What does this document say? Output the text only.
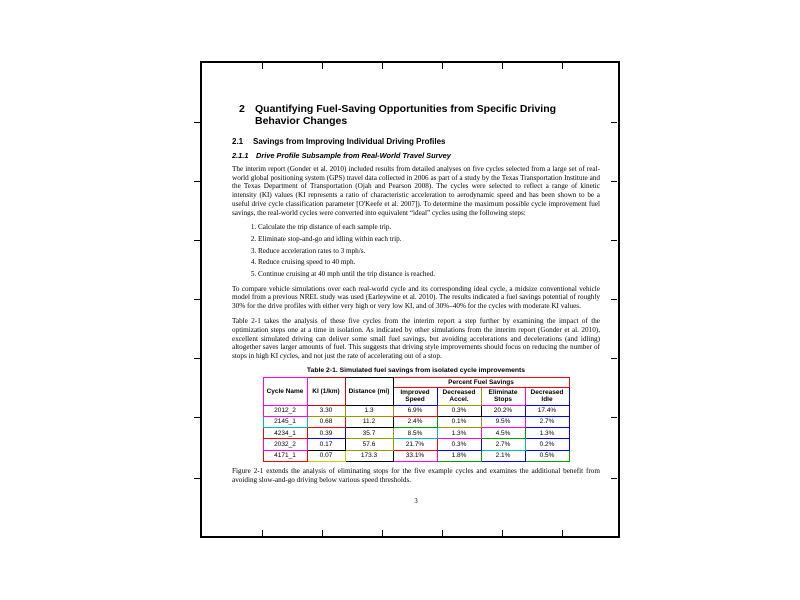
2 Quantifying Fuel-Saving Opportunities from Specific Driving Behavior Changes
2.1	Savings from Improving Individual Driving Profiles
2.1.1	Drive Profile Subsample from Real-World Travel Survey

The interim report (Gonder et al. 2010) included results from detailed analyses on five cycles selected from a large set of real-world global positioning system (GPS) travel data collected in 2006 as part of a study by the Texas Transportation Institute and the Texas Department of Transportation (Ojah and Pearson 2008). The cycles were selected to reflect a range of kinetic intensity (KI) values (KI represents a ratio of characteristic acceleration to aerodynamic speed and has been shown to be a useful drive cycle classification parameter [O'Keefe et al. 2007]). To determine the maximum possible cycle improvement fuel savings, the real-world cycles were converted into equivalent “ideal” cycles using the following steps:

1. Calculate the trip distance of each sample trip.
2. Eliminate stop-and-go and idling within each trip.
3. Reduce acceleration rates to 3 mph/s.
4. Reduce cruising speed to 40 mph.
5. Continue cruising at 40 mph until the trip distance is reached.

To compare vehicle simulations over each real-world cycle and its corresponding ideal cycle, a midsize conventional vehicle model from a previous NREL study was used (Earleywine et al. 2010). The results indicated a fuel savings potential of roughly 30% for the drive profiles with either very high or very low KI, and of 30%–40% for the cycles with moderate KI values.

Table 2-1 takes the analysis of these five cycles from the interim report a step further by examining the impact of the optimization steps one at a time in isolation. As indicated by other simulations from the interim report (Gonder et al. 2010), excellent simulated driving can deliver some small fuel savings, but avoiding accelerations and decelerations (and idling) altogether saves larger amounts of fuel. This suggests that driving style improvements should focus on reducing the number of stops in high KI cycles, and not just the rate of accelerating out of a stop.

Table 2-1. Simulated fuel savings from isolated cycle improvements
Cycle Name	KI (1/km)	Distance (mi)	Percent Fuel Savings			
			Improved Speed	Decreased Accel.	Eliminate Stops	Decreased Idle
2012_2	3.30	1.3	6.9%	0.3%	20.2%	17.4%
2145_1	0.68	11.2	2.4%	0.1%	9.5%	2.7%
4234_1	0.39	35.7	8.5%	1.3%	4.5%	1.3%
2032_2	0.17	57.6	21.7%	0.3%	2.7%	0.2%
4171_1	0.07	173.3	33.1%	1.8%	2.1%	0.5%

Figure 2-1 extends the analysis of eliminating stops for the five example cycles and examines the additional benefit from avoiding slow-and-go driving below various speed thresholds.

3
